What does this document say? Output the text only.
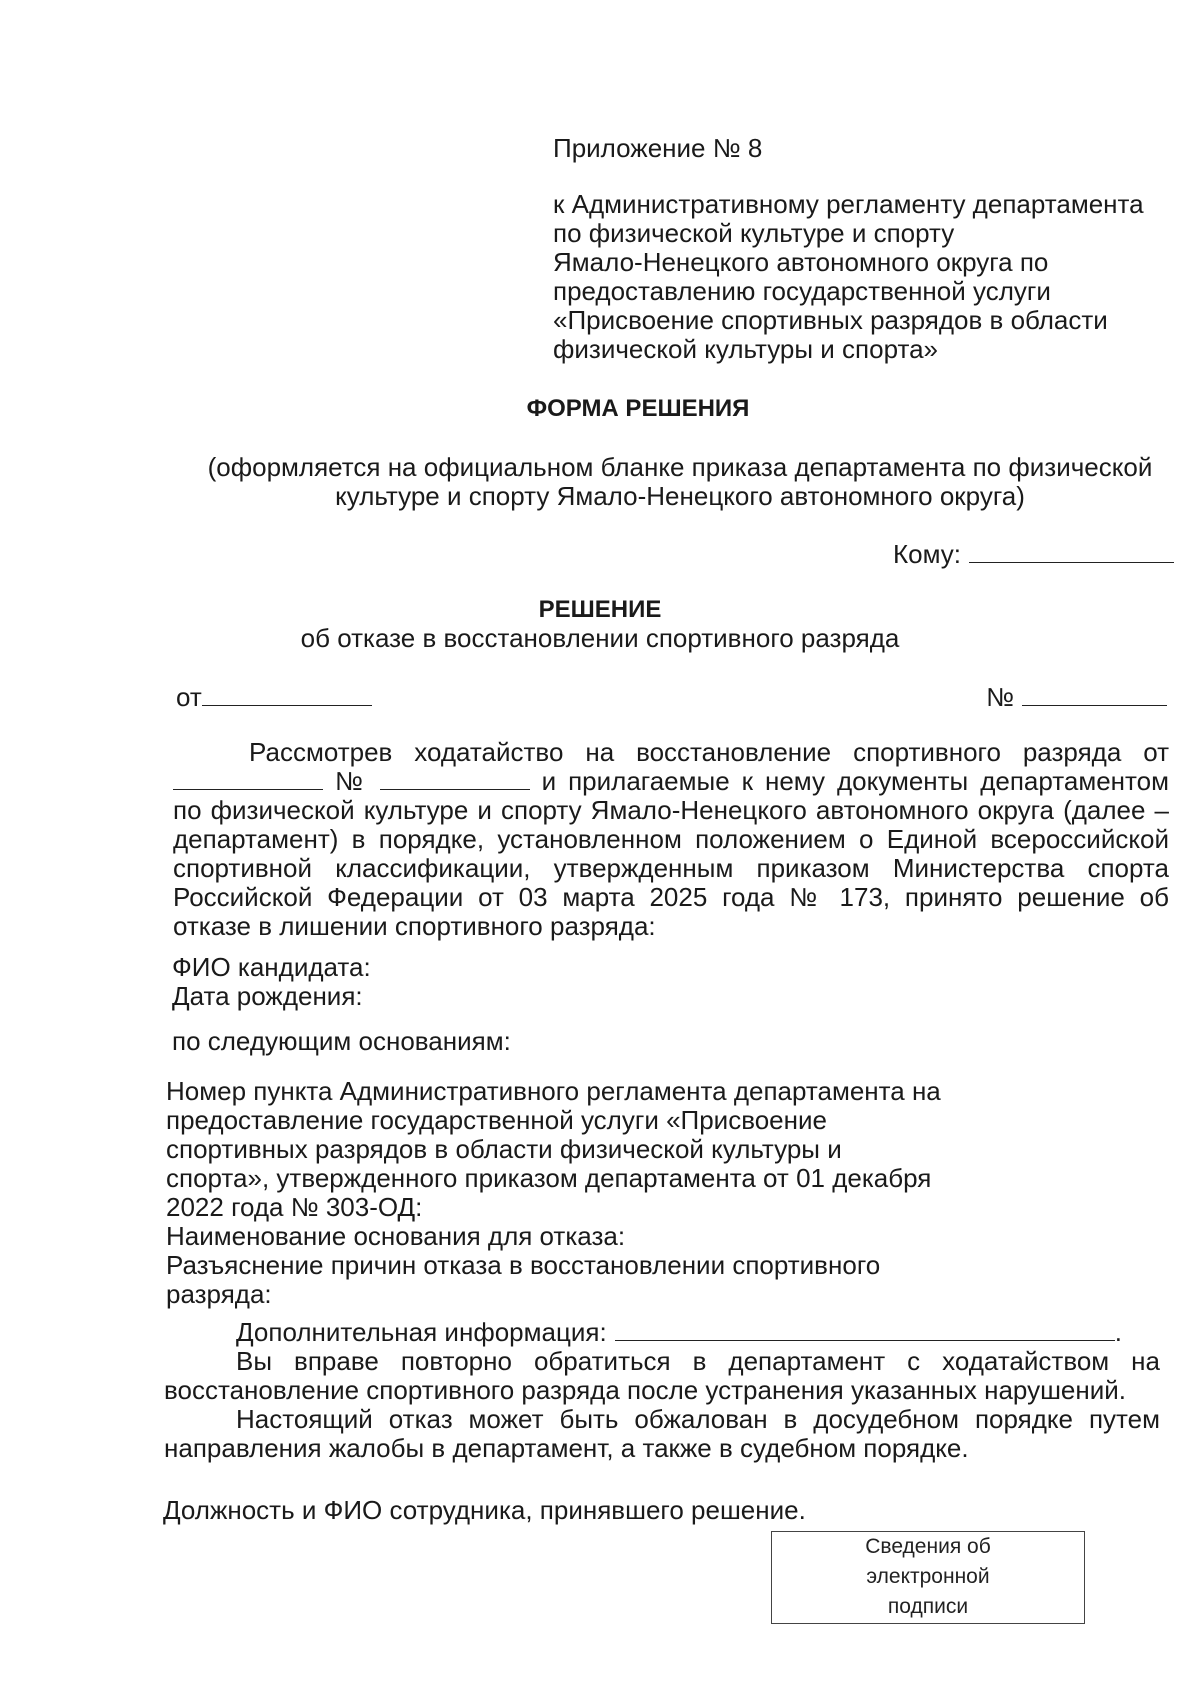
Приложение № 8
к Административному регламенту департамента
по физической культуре и спорту
Ямало-Ненецкого автономного округа по
предоставлению государственной услуги
«Присвоение спортивных разрядов в области
физической культуры и спорта»
ФОРМА РЕШЕНИЯ
(оформляется на официальном бланке приказа департамента по физической
культуре и спорту Ямало-Ненецкого автономного округа)
Кому:
РЕШЕНИЕ
об отказе в восстановлении спортивного разряда
от	№
Рассмотрев ходатайство на восстановление спортивного разряда от
№	и прилагаемые к нему документы департаментом
по физической культуре и спорту Ямало-Ненецкого автономного округа (далее –
департамент) в порядке, установленном положением о Единой всероссийской
спортивной классификации, утвержденным приказом Министерства спорта
Российской Федерации от 03 марта 2025 года № 173, принято решение об
отказе в лишении спортивного разряда:
ФИО кандидата:
Дата рождения:
по следующим основаниям:
Номер пункта Административного регламента департамента на
предоставление государственной услуги «Присвоение
спортивных разрядов в области физической культуры и
спорта», утвержденного приказом департамента от 01 декабря
2022 года № 303-ОД:
Наименование основания для отказа:
Разъяснение причин отказа в восстановлении спортивного
разряда:
Дополнительная информация:	.
Вы вправе повторно обратиться в департамент с ходатайством на
восстановление спортивного разряда после устранения указанных нарушений.
Настоящий отказ может быть обжалован в досудебном порядке путем
направления жалобы в департамент, а также в судебном порядке.
Должность и ФИО сотрудника, принявшего решение.
Сведения об
электронной
подписи
